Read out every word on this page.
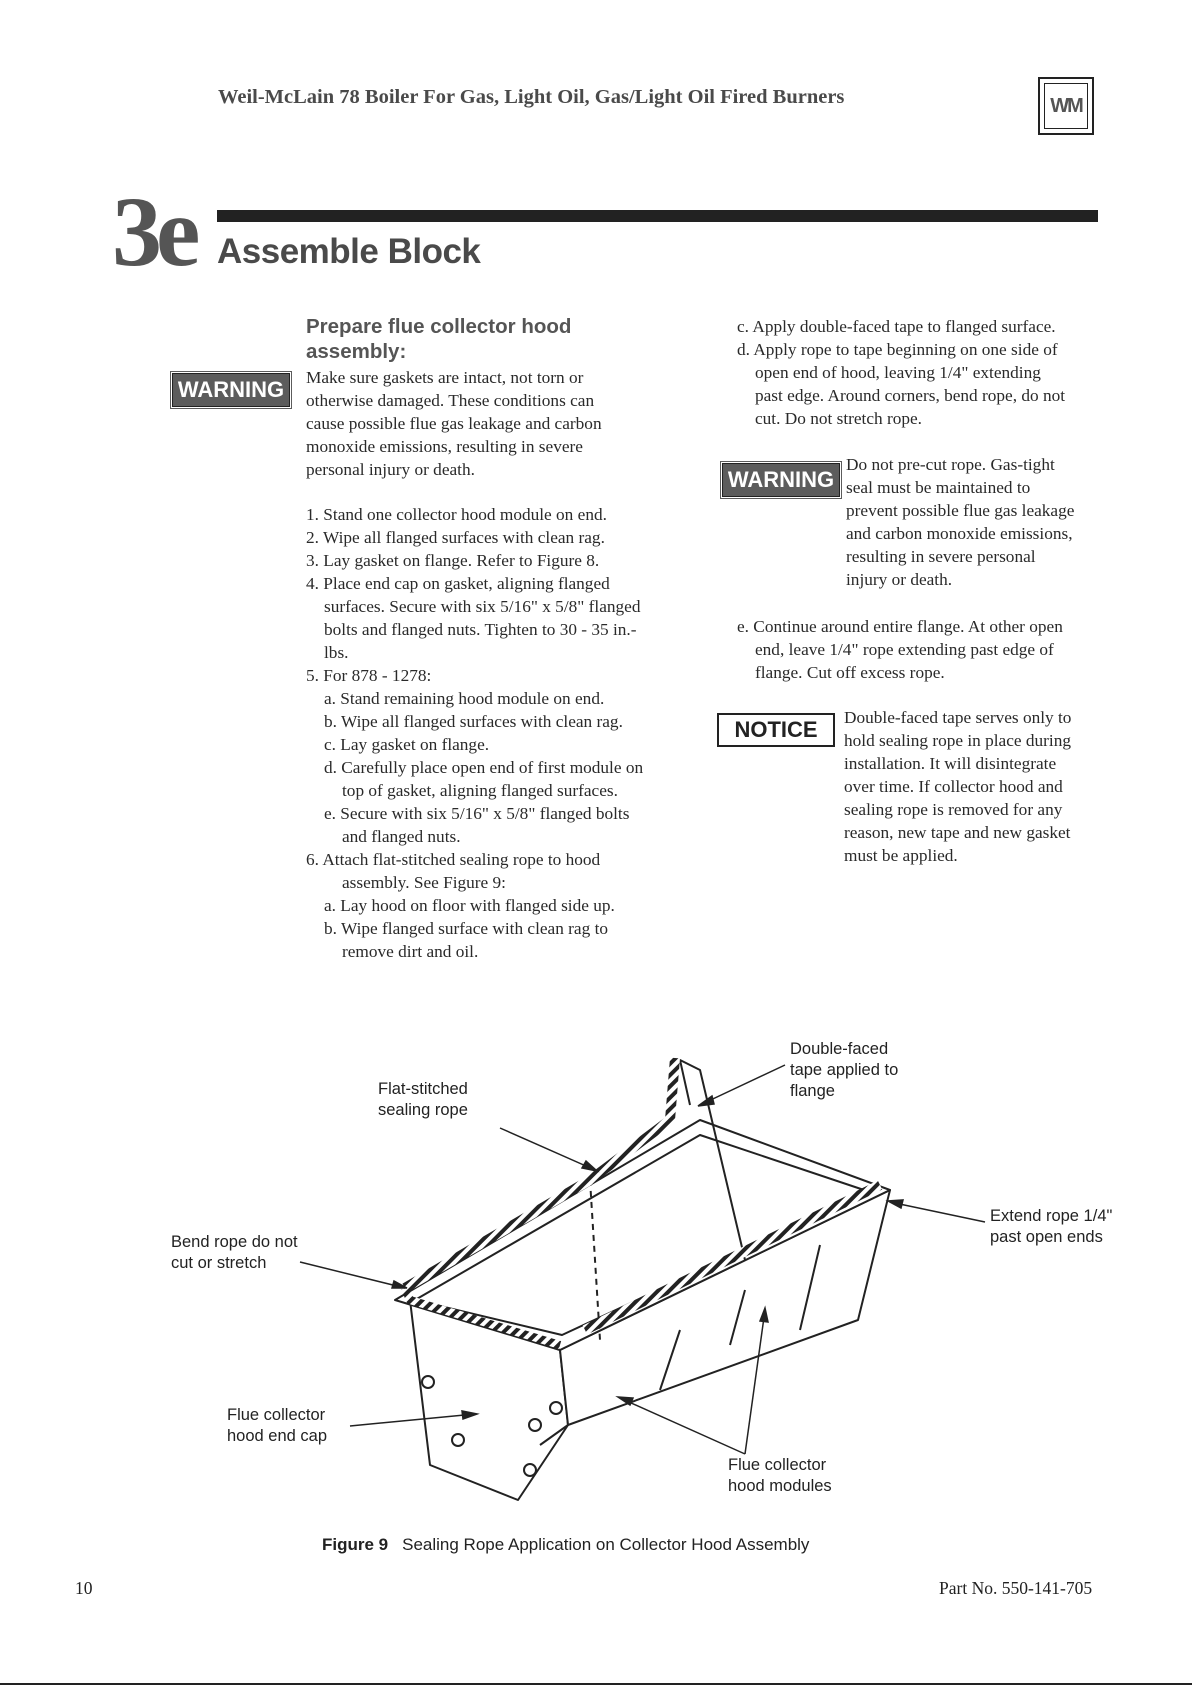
Weil-McLain 78 Boiler For Gas, Light Oil, Gas/Light Oil Fired Burners	WM
3e Assemble Block
Prepare flue collector hood
assembly:
WARNING	Make sure gaskets are intact, not torn or
otherwise damaged. These conditions can
cause possible flue gas leakage and carbon
monoxide emissions, resulting in severe
personal injury or death.
1. Stand one collector hood module on end.
2. Wipe all flanged surfaces with clean rag.
3. Lay gasket on flange. Refer to Figure 8.
4. Place end cap on gasket, aligning flanged
surfaces. Secure with six 5/16" x 5/8" flanged
bolts and flanged nuts. Tighten to 30 - 35 in.-
lbs.
5. For 878 - 1278:
a. Stand remaining hood module on end.
b. Wipe all flanged surfaces with clean rag.
c. Lay gasket on flange.
d. Carefully place open end of first module on
top of gasket, aligning flanged surfaces.
e. Secure with six 5/16" x 5/8" flanged bolts
and flanged nuts.
6. Attach flat-stitched sealing rope to hood
assembly. See Figure 9:
a. Lay hood on floor with flanged side up.
b. Wipe flanged surface with clean rag to
remove dirt and oil.
c. Apply double-faced tape to flanged surface.
d. Apply rope to tape beginning on one side of
open end of hood, leaving 1/4" extending
past edge. Around corners, bend rope, do not
cut. Do not stretch rope.
WARNING
Do not pre-cut rope. Gas-tight
seal must be maintained to
prevent possible flue gas leakage
and carbon monoxide emissions,
resulting in severe personal
injury or death.
e. Continue around entire flange. At other open
end, leave 1/4" rope extending past edge of
flange. Cut off excess rope.
NOTICE	Double-faced tape serves only to
hold sealing rope in place during
installation. It will disintegrate
over time. If collector hood and
sealing rope is removed for any
reason, new tape and new gasket
must be applied.
Double-faced
tape applied to
flange
Flat-stitched
sealing rope
Extend rope 1/4"
past open ends
Bend rope do not
cut or stretch
Flue collector
hood end cap
Flue collector
hood modules
Figure 9 Sealing Rope Application on Collector Hood Assembly
10	Part No. 550-141-705
